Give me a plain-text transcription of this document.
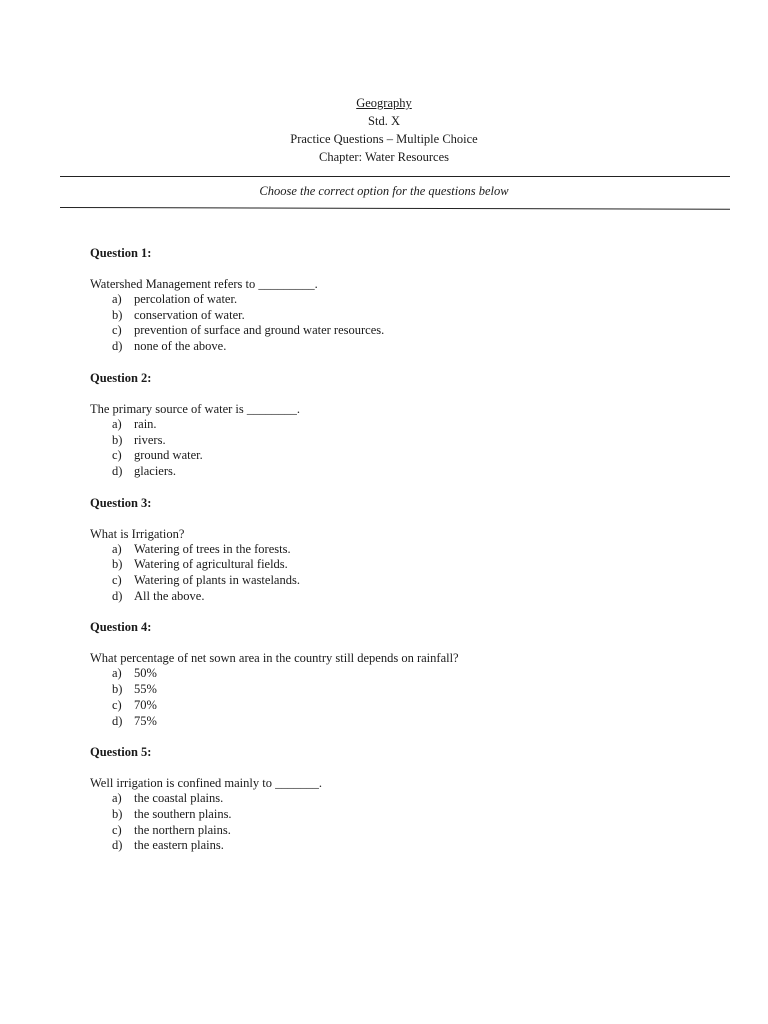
Geography
Std. X
Practice Questions – Multiple Choice
Chapter: Water Resources
Choose the correct option for the questions below
Question 1:
Watershed Management refers to _________.
a) percolation of water.
b) conservation of water.
c) prevention of surface and ground water resources.
d) none of the above.
Question 2:
The primary source of water is ________.
a) rain.
b) rivers.
c) ground water.
d) glaciers.
Question 3:
What is Irrigation?
a) Watering of trees in the forests.
b) Watering of agricultural fields.
c) Watering of plants in wastelands.
d) All the above.
Question 4:
What percentage of net sown area in the country still depends on rainfall?
a) 50%
b) 55%
c) 70%
d) 75%
Question 5:
Well irrigation is confined mainly to _______.
a) the coastal plains.
b) the southern plains.
c) the northern plains.
d) the eastern plains.
